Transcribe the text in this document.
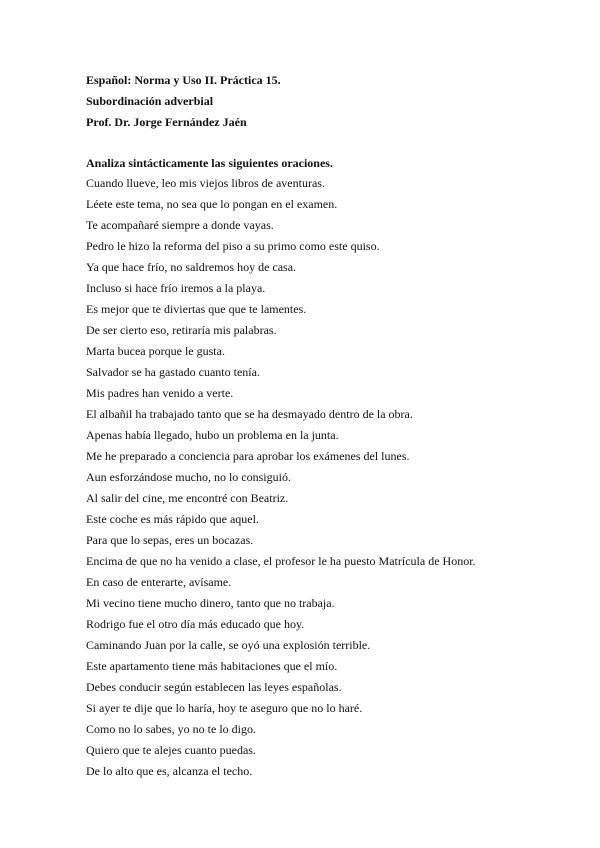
Español: Norma y Uso II. Práctica 15.
Subordinación adverbial
Prof. Dr. Jorge Fernández Jaén
Analiza sintácticamente las siguientes oraciones.
Cuando llueve, leo mis viejos libros de aventuras.
Léete este tema, no sea que lo pongan en el examen.
Te acompañaré siempre a donde vayas.
Pedro le hizo la reforma del piso a su primo como este quiso.
Ya que hace frío, no saldremos hoy de casa.
Incluso si hace frío iremos a la playa.
Es mejor que te diviertas que que te lamentes.
De ser cierto eso, retiraría mis palabras.
Marta bucea porque le gusta.
Salvador se ha gastado cuanto tenía.
Mis padres han venido a verte.
El albañil ha trabajado tanto que se ha desmayado dentro de la obra.
Apenas había llegado, hubo un problema en la junta.
Me he preparado a conciencia para aprobar los exámenes del lunes.
Aun esforzándose mucho, no lo consiguió.
Al salir del cine, me encontré con Beatriz.
Este coche es más rápido que aquel.
Para que lo sepas, eres un bocazas.
Encima de que no ha venido a clase, el profesor le ha puesto Matrícula de Honor.
En caso de enterarte, avísame.
Mi vecino tiene mucho dinero, tanto que no trabaja.
Rodrigo fue el otro día más educado que hoy.
Caminando Juan por la calle, se oyó una explosión terrible.
Este apartamento tiene más habitaciones que el mío.
Debes conducir según establecen las leyes españolas.
Si ayer te dije que lo haría, hoy te aseguro que no lo haré.
Como no lo sabes, yo no te lo digo.
Quiero que te alejes cuanto puedas.
De lo alto que es, alcanza el techo.
